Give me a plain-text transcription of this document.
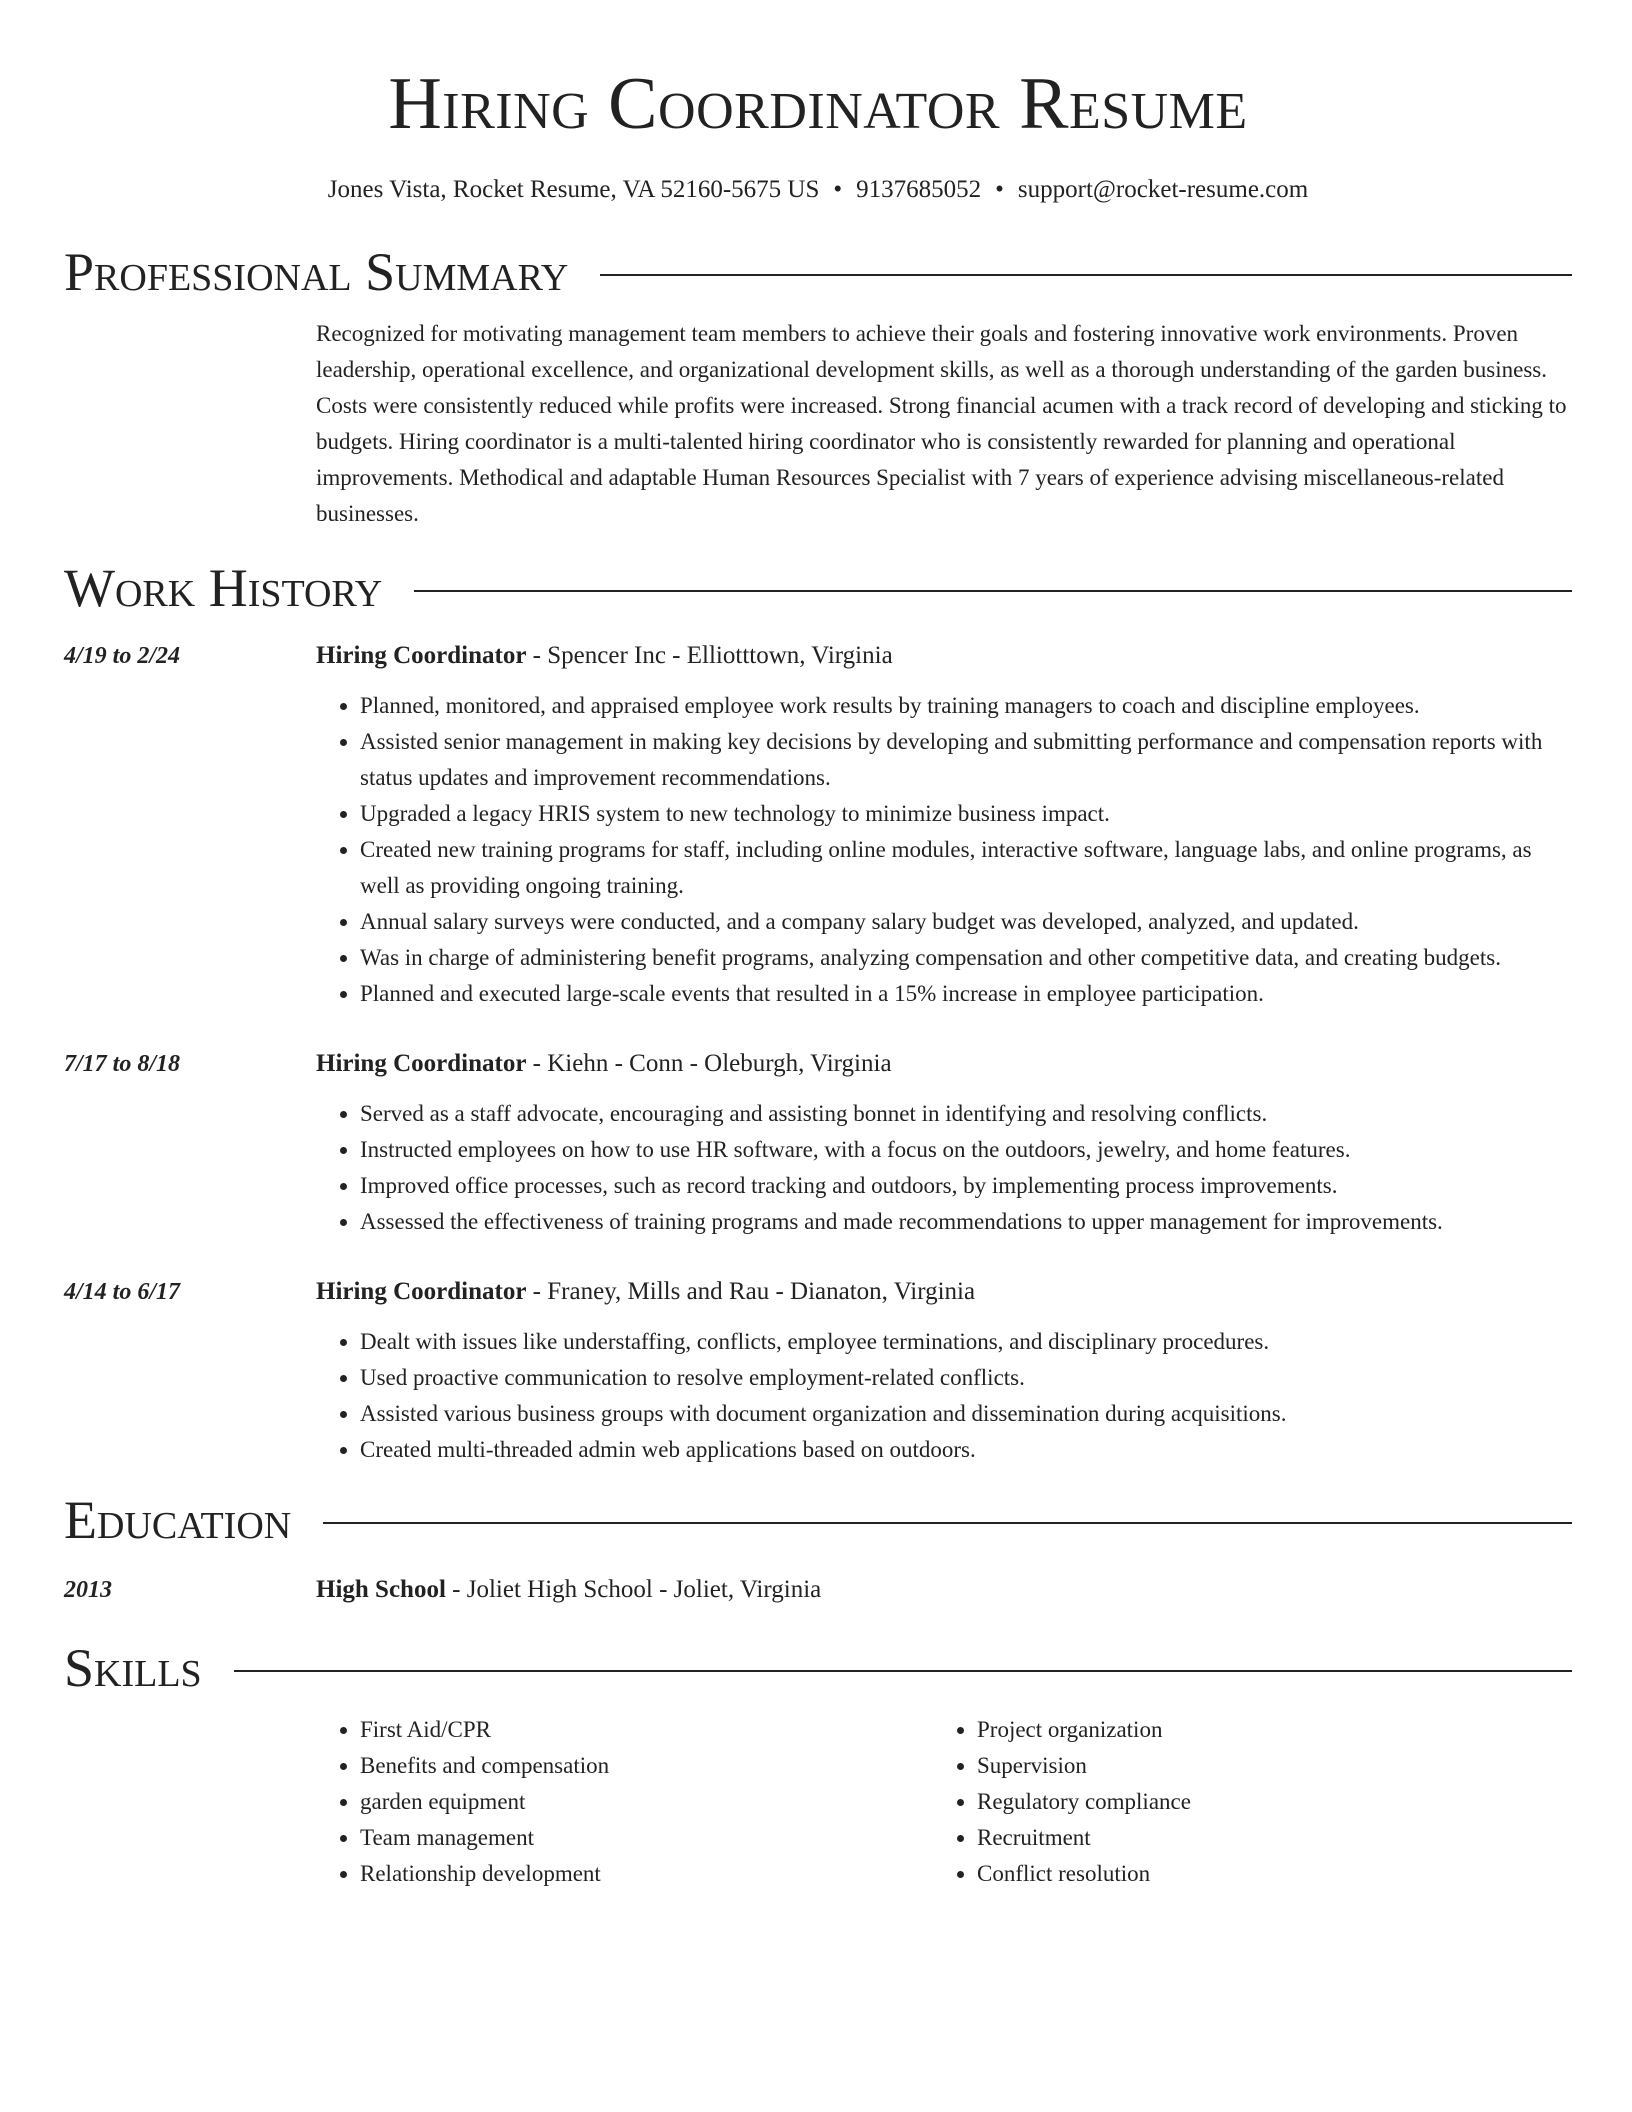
Hiring Coordinator Resume
Jones Vista, Rocket Resume, VA 52160-5675 US • 9137685052 • support@rocket-resume.com
Professional Summary
Recognized for motivating management team members to achieve their goals and fostering innovative work environments. Proven leadership, operational excellence, and organizational development skills, as well as a thorough understanding of the garden business. Costs were consistently reduced while profits were increased. Strong financial acumen with a track record of developing and sticking to budgets. Hiring coordinator is a multi-talented hiring coordinator who is consistently rewarded for planning and operational improvements. Methodical and adaptable Human Resources Specialist with 7 years of experience advising miscellaneous-related businesses.
Work History
4/19 to 2/24	Hiring Coordinator - Spencer Inc - Elliotttown, Virginia
• Planned, monitored, and appraised employee work results by training managers to coach and discipline employees.
• Assisted senior management in making key decisions by developing and submitting performance and compensation reports with status updates and improvement recommendations.
• Upgraded a legacy HRIS system to new technology to minimize business impact.
• Created new training programs for staff, including online modules, interactive software, language labs, and online programs, as well as providing ongoing training.
• Annual salary surveys were conducted, and a company salary budget was developed, analyzed, and updated.
• Was in charge of administering benefit programs, analyzing compensation and other competitive data, and creating budgets.
• Planned and executed large-scale events that resulted in a 15% increase in employee participation.
7/17 to 8/18	Hiring Coordinator - Kiehn - Conn - Oleburgh, Virginia
• Served as a staff advocate, encouraging and assisting bonnet in identifying and resolving conflicts.
• Instructed employees on how to use HR software, with a focus on the outdoors, jewelry, and home features.
• Improved office processes, such as record tracking and outdoors, by implementing process improvements.
• Assessed the effectiveness of training programs and made recommendations to upper management for improvements.
4/14 to 6/17	Hiring Coordinator - Franey, Mills and Rau - Dianaton, Virginia
• Dealt with issues like understaffing, conflicts, employee terminations, and disciplinary procedures.
• Used proactive communication to resolve employment-related conflicts.
• Assisted various business groups with document organization and dissemination during acquisitions.
• Created multi-threaded admin web applications based on outdoors.
Education
2013	High School - Joliet High School - Joliet, Virginia
Skills
• First Aid/CPR
• Benefits and compensation
• garden equipment
• Team management
• Relationship development
• Project organization
• Supervision
• Regulatory compliance
• Recruitment
• Conflict resolution
